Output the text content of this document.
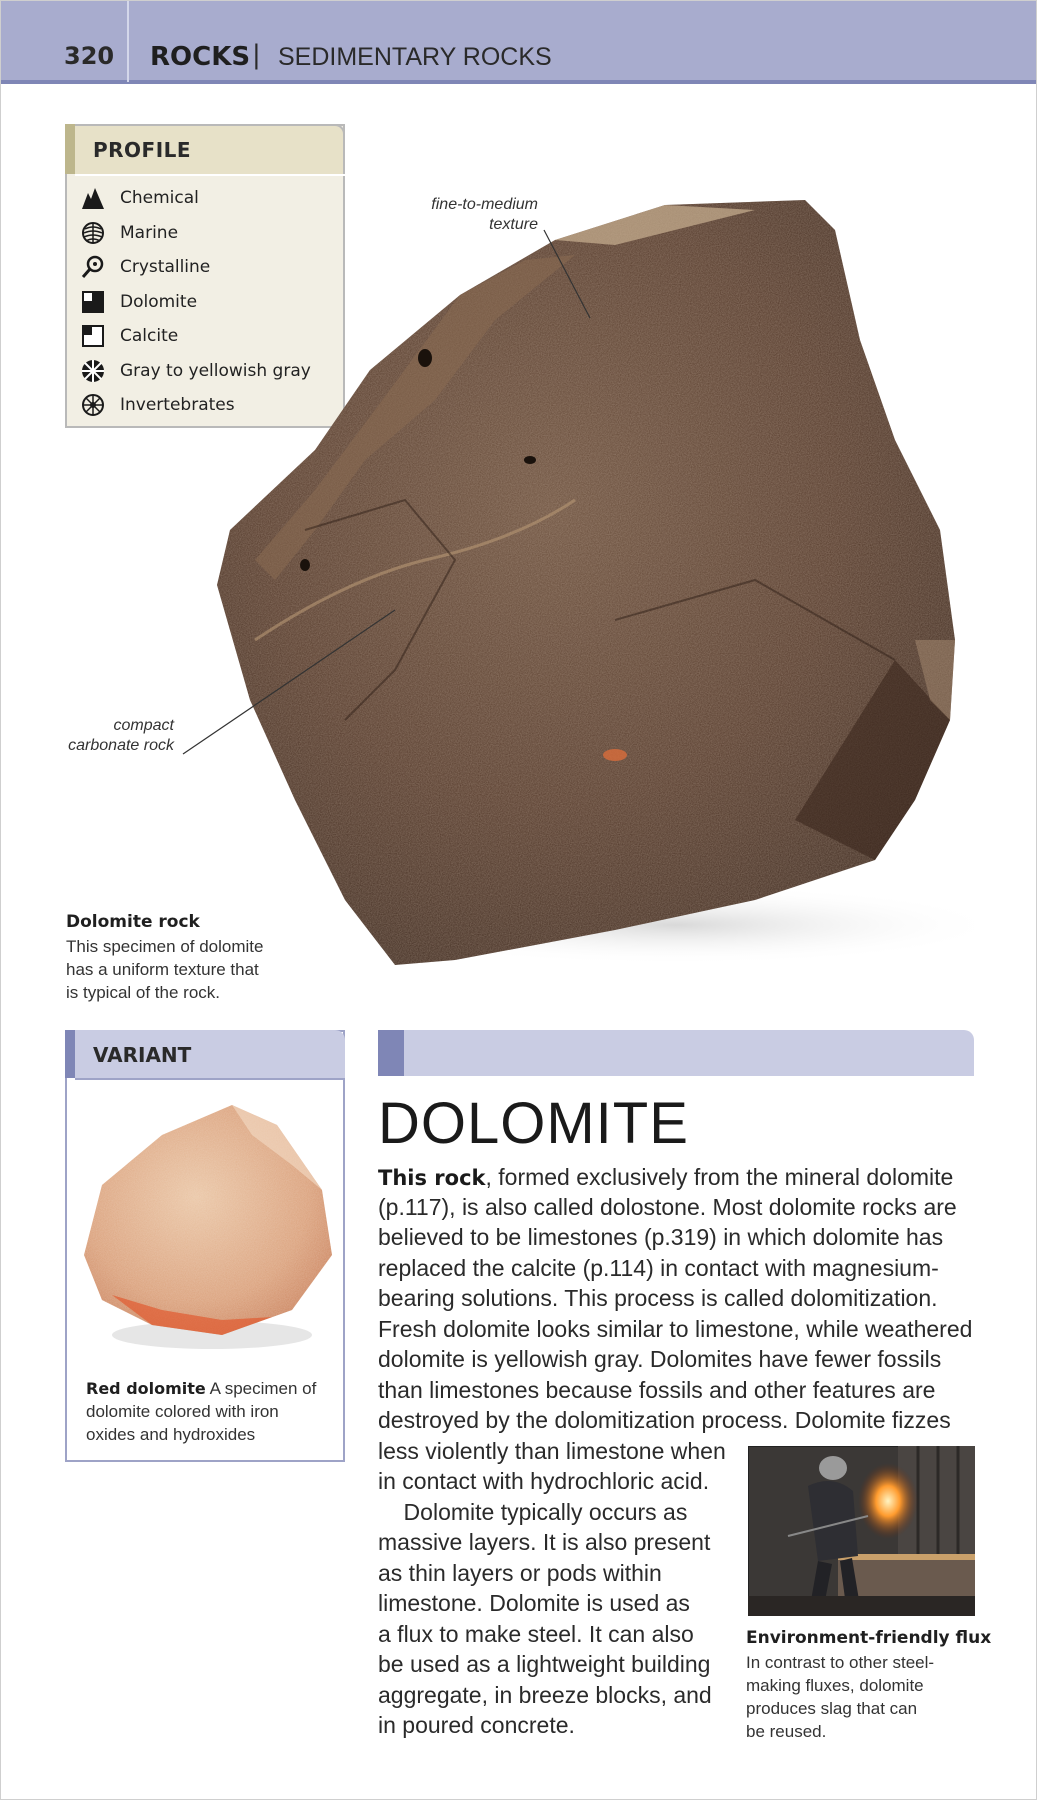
320 ROCKS | SEDIMENTARY ROCKS
PROFILE
Chemical
Marine
Crystalline
Dolomite
Calcite
Gray to yellowish gray
Invertebrates
fine-to-medium
texture
compact
carbonate rock
Dolomite rock
This specimen of dolomite
has a uniform texture that
is typical of the rock.
VARIANT
Red dolomite A specimen of
dolomite colored with iron
oxides and hydroxides
DOLOMITE
This rock, formed exclusively from the mineral dolomite
(p.117), is also called dolostone. Most dolomite rocks are
believed to be limestones (p.319) in which dolomite has
replaced the calcite (p.114) in contact with magnesium-
bearing solutions. This process is called dolomitization.
Fresh dolomite looks similar to limestone, while weathered
dolomite is yellowish gray. Dolomites have fewer fossils
than limestones because fossils and other features are
destroyed by the dolomitization process. Dolomite fizzes
less violently than limestone when
in contact with hydrochloric acid.
Dolomite typically occurs as
massive layers. It is also present
as thin layers or pods within
limestone. Dolomite is used as
a flux to make steel. It can also
be used as a lightweight building
aggregate, in breeze blocks, and
in poured concrete.
Environment-friendly flux
In contrast to other steel-
making fluxes, dolomite
produces slag that can
be reused.
